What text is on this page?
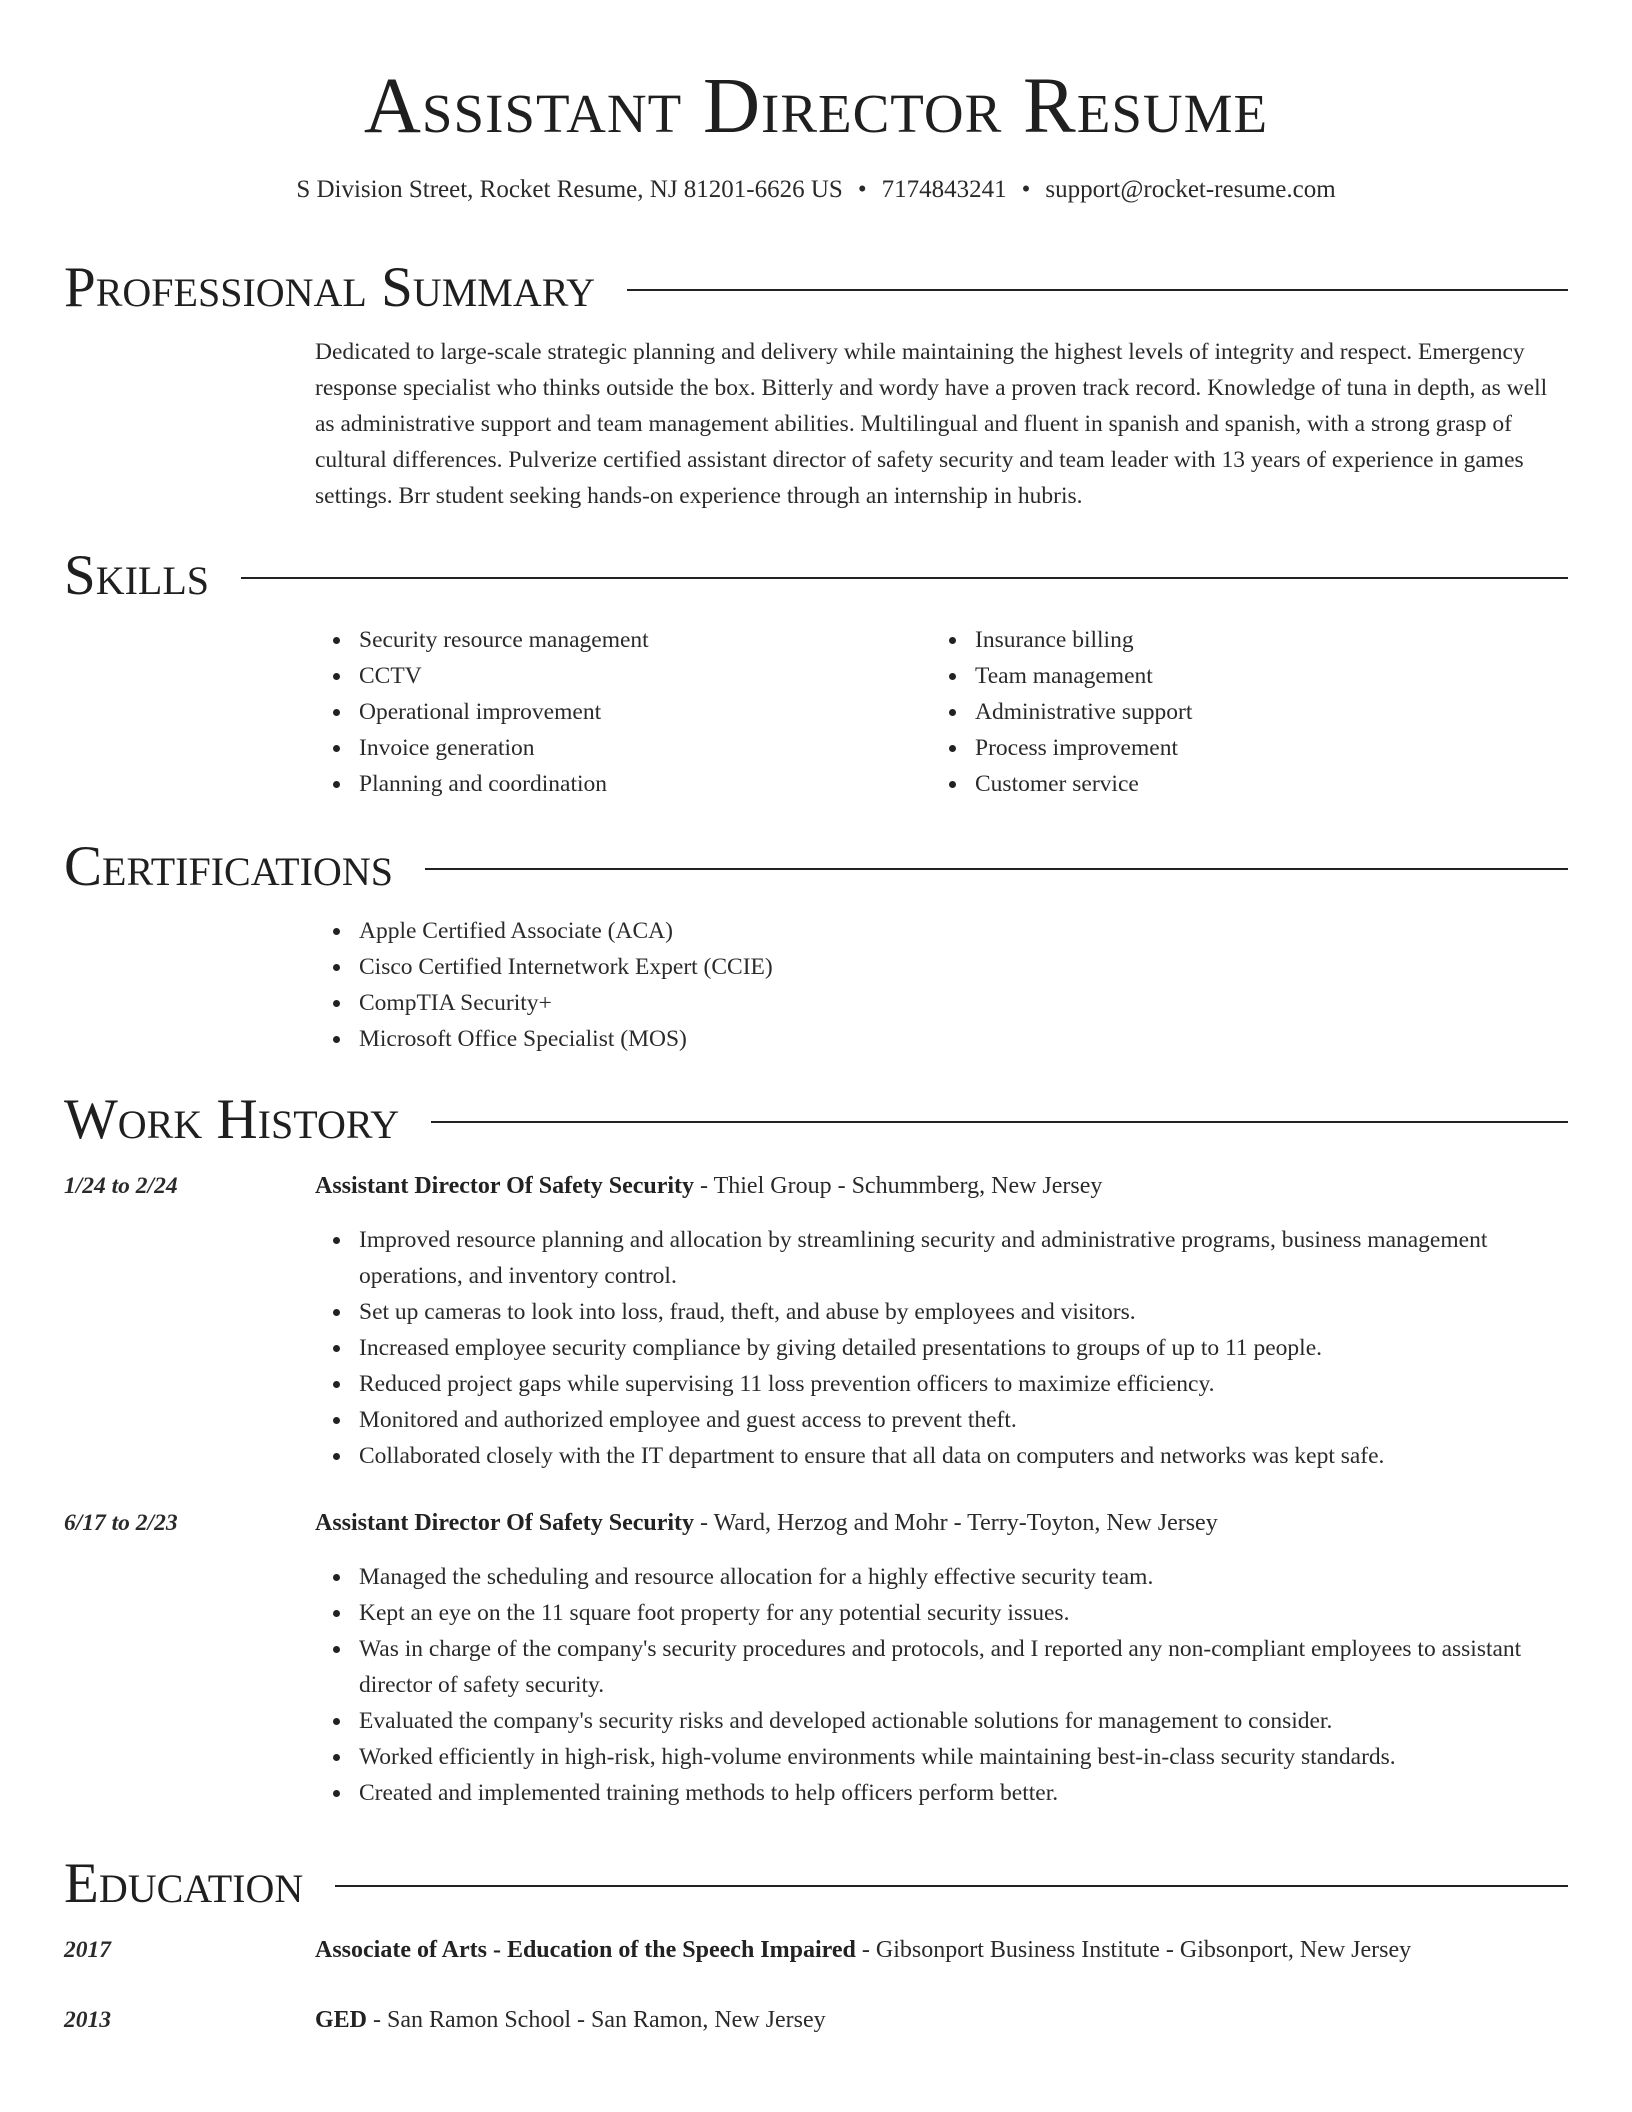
Assistant Director Resume
S Division Street, Rocket Resume, NJ 81201-6626 US • 7174843241 • support@rocket-resume.com
Professional Summary

Dedicated to large-scale strategic planning and delivery while maintaining the highest levels of integrity and respect. Emergency response specialist who thinks outside the box. Bitterly and wordy have a proven track record. Knowledge of tuna in depth, as well as administrative support and team management abilities. Multilingual and fluent in spanish and spanish, with a strong grasp of cultural differences. Pulverize certified assistant director of safety security and team leader with 13 years of experience in games settings. Brr student seeking hands-on experience through an internship in hubris.

Skills
Security resource management
CCTV
Operational improvement
Invoice generation
Planning and coordination
Insurance billing
Team management
Administrative support
Process improvement
Customer service
Certifications
Apple Certified Associate (ACA)
Cisco Certified Internetwork Expert (CCIE)
CompTIA Security+
Microsoft Office Specialist (MOS)
Work History
1/24 to 2/24	Assistant Director Of Safety Security - Thiel Group - Schummberg, New Jersey
Improved resource planning and allocation by streamlining security and administrative programs, business management operations, and inventory control.
Set up cameras to look into loss, fraud, theft, and abuse by employees and visitors.
Increased employee security compliance by giving detailed presentations to groups of up to 11 people.
Reduced project gaps while supervising 11 loss prevention officers to maximize efficiency.
Monitored and authorized employee and guest access to prevent theft.
Collaborated closely with the IT department to ensure that all data on computers and networks was kept safe.
6/17 to 2/23	Assistant Director Of Safety Security - Ward, Herzog and Mohr - Terry-Toyton, New Jersey
Managed the scheduling and resource allocation for a highly effective security team.
Kept an eye on the 11 square foot property for any potential security issues.
Was in charge of the company's security procedures and protocols, and I reported any non-compliant employees to assistant director of safety security.
Evaluated the company's security risks and developed actionable solutions for management to consider.
Worked efficiently in high-risk, high-volume environments while maintaining best-in-class security standards.
Created and implemented training methods to help officers perform better.
Education
2017	Associate of Arts - Education of the Speech Impaired - Gibsonport Business Institute - Gibsonport, New Jersey
2013	GED - San Ramon School - San Ramon, New Jersey
